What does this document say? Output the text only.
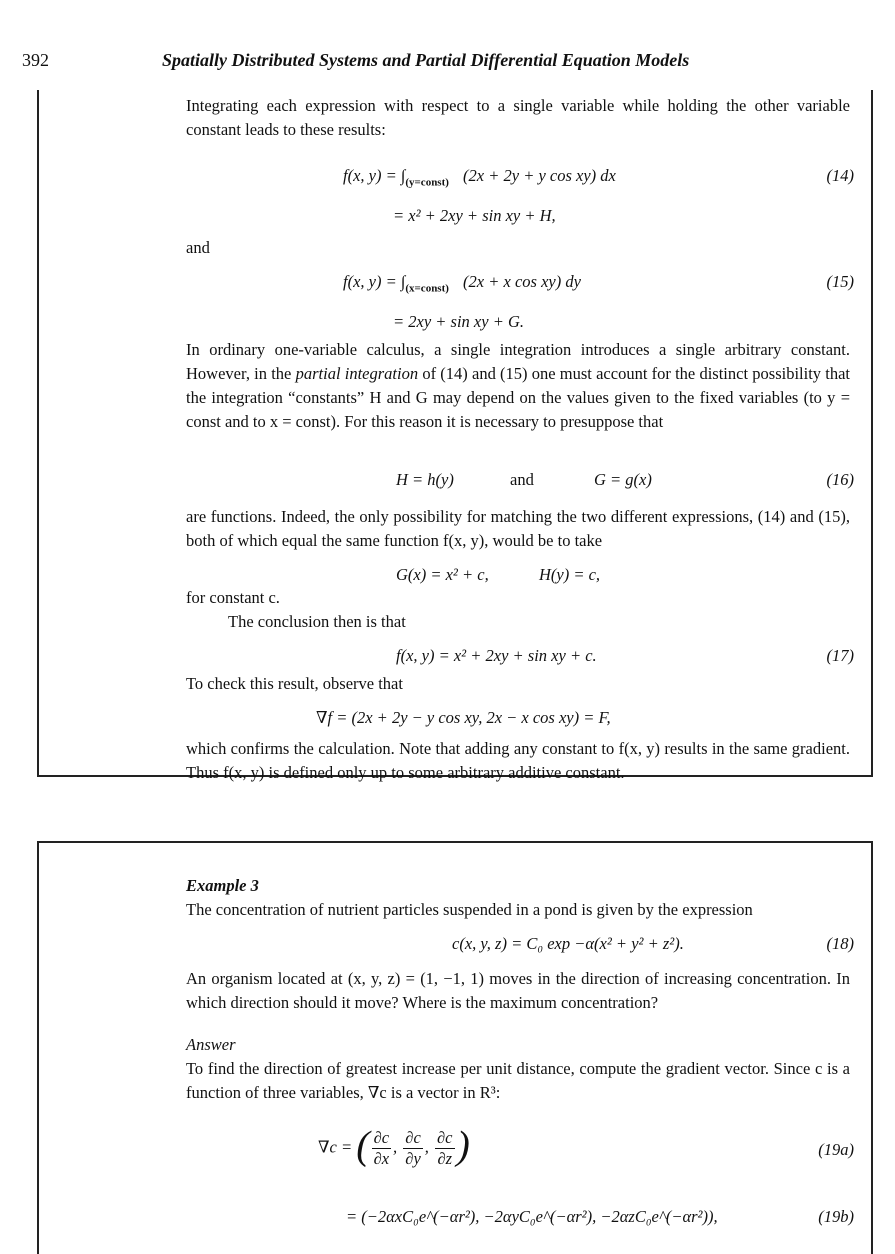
392	Spatially Distributed Systems and Partial Differential Equation Models

Integrating each expression with respect to a single variable while holding the other variable constant leads to these results:

f(x, $y) = \int_{(y=const)}$ (2x + 2y + y cos xy) dx	(14)
= x² + 2xy + sin xy + H,
and
f(x, $y) = \int_{(x=const)}$ (2x + x cos xy) dy	(15)
= 2xy + sin xy + G.

In ordinary one-variable calculus, a single integration introduces a single arbitrary constant. However, in the partial integration of (14) and (15) one must account for the distinct possibility that the integration “constants” H and G may depend on the values given to the fixed variables (to y = const and to x = const). For this reason it is necessary to presuppose that

H = h(y)	and	G = g(x)	(16)

are functions. Indeed, the only possibility for matching the two different expressions, (14) and (15), both of which equal the same function f(x, y), would be to take

G(x) = x² + c,	H(y) = c,
for constant c.
The conclusion then is that
f(x, y) = x² + 2xy + sin xy + c.	(17)
To check this result, observe that
∇f = (2x + 2y − y cos xy, 2x − x cos xy) = F,

which confirms the calculation. Note that adding any constant to f(x, y) results in the same gradient. Thus f(x, y) is defined only up to some arbitrary additive constant.

Example 3

The concentration of nutrient particles suspended in a pond is given by the expression

c(x, y, z) = C₀ exp −α(x² + y² + z²).	(18)

An organism located at (x, y, z) = (1, −1, 1) moves in the direction of increasing concentration. In which direction should it move? Where is the maximum concentration?

Answer

To find the direction of greatest increase per unit distance, compute the gradient vector. Since c is a function of three variables, ∇c is a vector in R³:

∇c = ( $\frac{\partial c}{\partial x}$ , $\frac{\partial c}{\partial y}$ , $\frac{\partial c}{\partial z}$ )	(19a)
= (−2αxC₀e^(−αr²), −2αyC₀e^(−αr²), −2αzC₀e^(−αr²)),	(19b)
